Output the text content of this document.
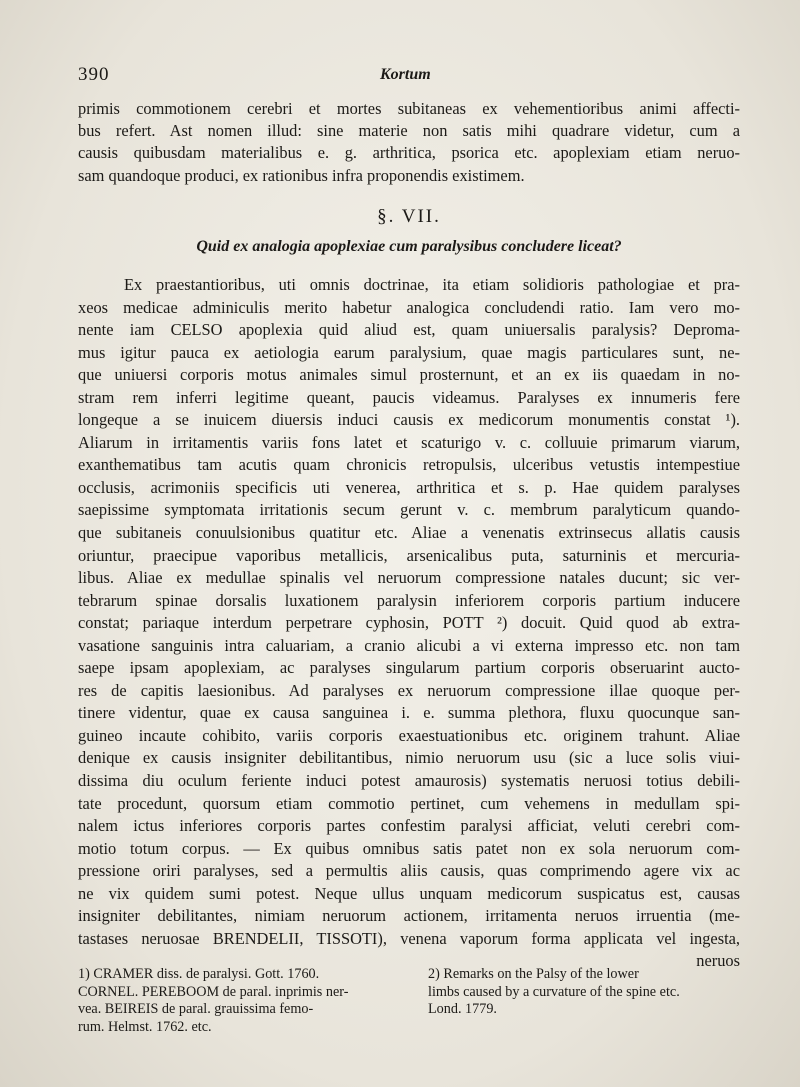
390	Kortum
primis commotionem cerebri et mortes subitaneas ex vehementioribus animi affecti-
bus refert. Ast nomen illud: sine materie non satis mihi quadrare videtur, cum a
causis quibusdam materialibus e. g. arthritica, psorica etc. apoplexiam etiam neruo-
sam quandoque produci, ex rationibus infra proponendis existimem.
§. VII.
Quid ex analogia apoplexiae cum paralysibus concludere liceat?
Ex praestantioribus, uti omnis doctrinae, ita etiam solidioris pathologiae et pra-
xeos medicae adminiculis merito habetur analogica concludendi ratio. Iam vero mo-
nente iam CELSO apoplexia quid aliud est, quam uniuersalis paralysis? Depromа-
mus igitur pauca ex aetiologia earum paralysium, quae magis particulares sunt, ne-
que uniuersi corporis motus animales simul prosternunt, et an ex iis quaedam in no-
stram rem inferri legitime queant, paucis videamus. Paralyses ex innumeris fere
longeque a se inuicem diuersis induci causis ex medicorum monumentis constat ¹).
Aliarum in irritamentis variis fons latet et scaturigo v. c. colluuie primarum viarum,
exanthematibus tam acutis quam chronicis retropulsis, ulceribus vetustis intempestiue
occlusis, acrimoniis specificis uti venerea, arthritica et s. p. Hae quidem paralyses
saepissime symptomata irritationis secum gerunt v. c. membrum paralyticum quando-
que subitaneis conuulsionibus quatitur etc. Aliae a venenatis extrinsecus allatis causis
oriuntur, praecipue vaporibus metallicis, arsenicalibus puta, saturninis et mercuria-
libus. Aliae ex medullae spinalis vel neruorum compressione natales ducunt; sic ver-
tebrarum spinae dorsalis luxationem paralysin inferiorem corporis partium inducere
constat; pariaque interdum perpetrare cyphosin, POTT ²) docuit. Quid quod ab extra-
vasatione sanguinis intra caluariam, a cranio alicubi a vi externa impresso etc. non tam
saepe ipsam apoplexiam, ac paralyses singularum partium corporis obseruarint aucto-
res de capitis laesionibus. Ad paralyses ex neruorum compressione illae quoque per-
tinere videntur, quae ex causa sanguinea i. e. summa plethora, fluxu quocunque san-
guineo incaute cohibito, variis corporis exaestuationibus etc. originem trahunt. Aliae
denique ex causis insigniter debilitantibus, nimio neruorum usu (sic a luce solis viui-
dissima diu oculum feriente induci potest amaurosis) systematis neruosi totius debili-
tate procedunt, quorsum etiam commotio pertinet, cum vehemens in medullam spi-
nalem ictus inferiores corporis partes confestim paralysi afficiat, veluti cerebri com-
motio totum corpus. — Ex quibus omnibus satis patet non ex sola neruorum com-
pressione oriri paralyses, sed a permultis aliis causis, quas comprimendo agere vix ac
ne vix quidem sumi potest. Neque ullus unquam medicorum suspicatus est, causas
insigniter debilitantes, nimiam neruorum actionem, irritamenta neruos irruentia (me-
tastases neruosae BRENDELII, TISSOTI), venena vaporum forma applicata vel ingesta,
neruos
1) CRAMER diss. de paralysi. Gott. 1760.
CORNEL. PEREBOOM de paral. inprimis ner-
vea. BEIREIS de paral. grauissima femo-
rum. Helmst. 1762. etc.
2) Remarks on the Palsy of the lower
limbs caused by a curvature of the spine etc.
Lond. 1779.
